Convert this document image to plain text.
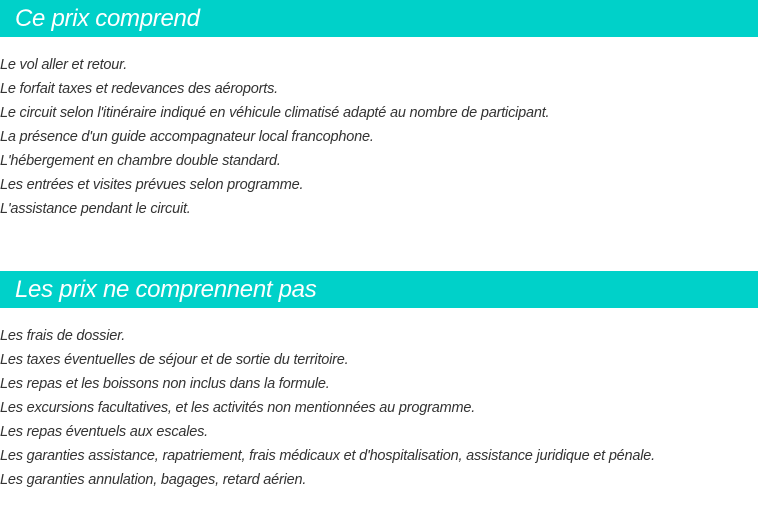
Ce prix comprend
Le vol aller et retour.
Le forfait taxes et redevances des aéroports.
Le circuit selon l'itinéraire indiqué en véhicule climatisé adapté au nombre de participant.
La présence d'un guide accompagnateur local francophone.
L'hébergement en chambre double standard.
Les entrées et visites prévues selon programme.
L'assistance pendant le circuit.
Les prix ne comprennent pas
Les frais de dossier.
Les taxes éventuelles de séjour et de sortie du territoire.
Les repas et les boissons non inclus dans la formule.
Les excursions facultatives, et les activités non mentionnées au programme.
Les repas éventuels aux escales.
Les garanties assistance, rapatriement, frais médicaux et d'hospitalisation, assistance juridique et pénale.
Les garanties annulation, bagages, retard aérien.
